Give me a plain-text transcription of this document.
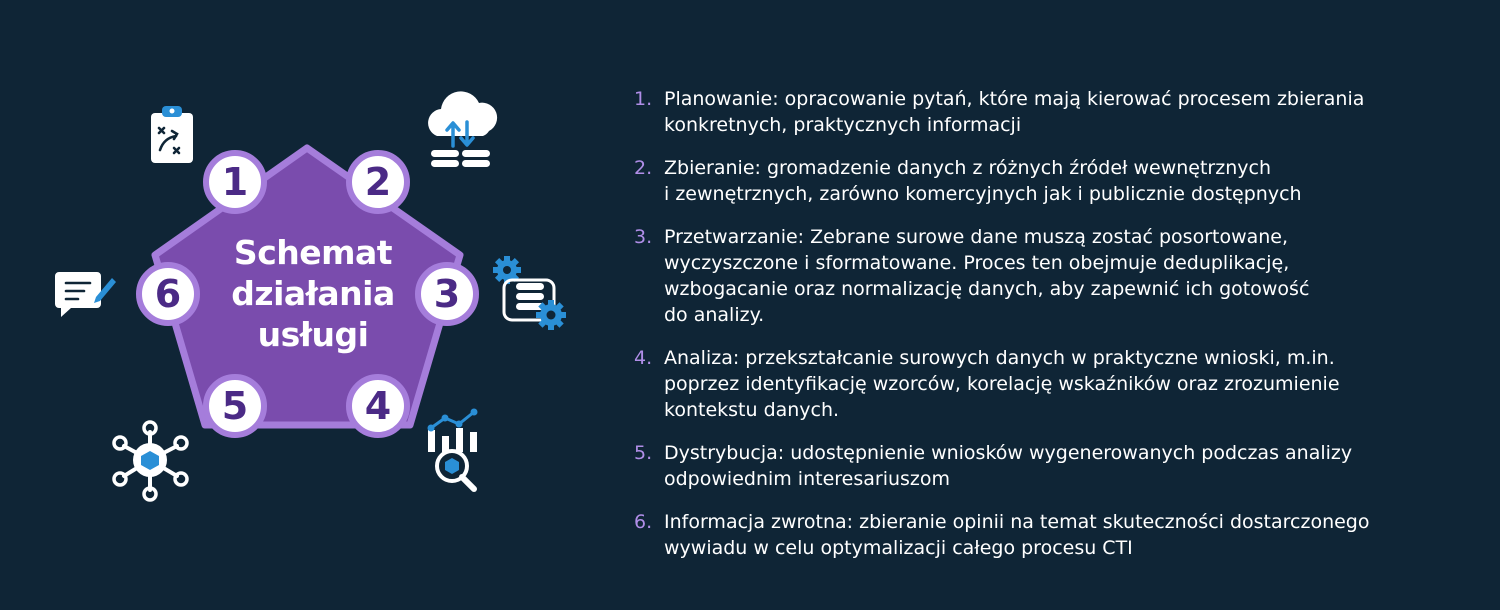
Schemat
działania
usługi
1	2
3
4
5
6
1. Planowanie: opracowanie pytań, które mają kierować procesem zbierania
konkretnych, praktycznych informacji
2. Zbieranie: gromadzenie danych z różnych źródeł wewnętrznych
i zewnętrznych, zarówno komercyjnych jak i publicznie dostępnych
3. Przetwarzanie: Zebrane surowe dane muszą zostać posortowane,
wyczyszczone i sformatowane. Proces ten obejmuje deduplikację,
wzbogacanie oraz normalizację danych, aby zapewnić ich gotowość
do analizy.
4. Analiza: przekształcanie surowych danych w praktyczne wnioski, m.in.
poprzez identyfikację wzorców, korelację wskaźników oraz zrozumienie
kontekstu danych.
5. Dystrybucja: udostępnienie wniosków wygenerowanych podczas analizy
odpowiednim interesariuszom
6. Informacja zwrotna: zbieranie opinii na temat skuteczności dostarczonego
wywiadu w celu optymalizacji całego procesu CTI
